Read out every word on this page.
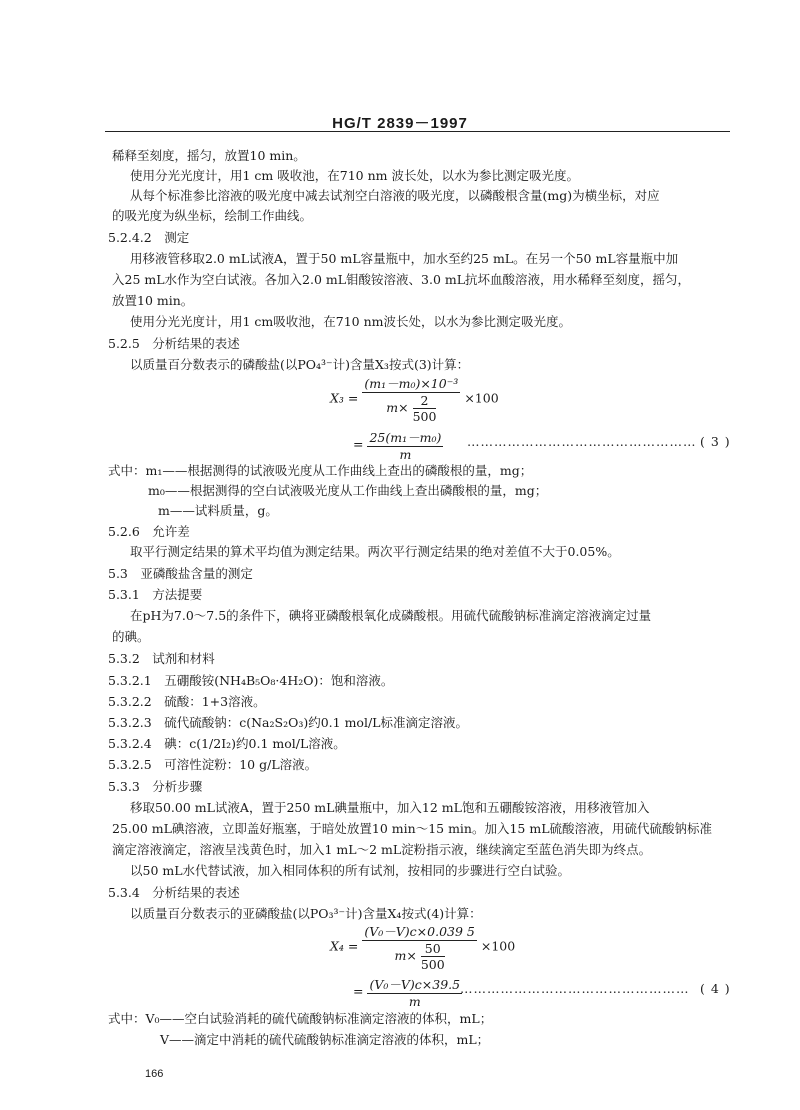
HG/T 2839－1997
稀释至刻度，摇匀，放置10 min。
使用分光光度计，用1 cm 吸收池，在710 nm 波长处，以水为参比测定吸光度。
从每个标准参比溶液的吸光度中减去试剂空白溶液的吸光度，以磷酸根含量(mg)为横坐标，对应
的吸光度为纵坐标，绘制工作曲线。
5.2.4.2　测定
用移液管移取2.0 mL试液A，置于50 mL容量瓶中，加水至约25 mL。在另一个50 mL容量瓶中加
入25 mL水作为空白试液。各加入2.0 mL钼酸铵溶液、3.0 mL抗坏血酸溶液，用水稀释至刻度，摇匀，
放置10 min。
使用分光光度计，用1 cm吸收池，在710 nm波长处，以水为参比测定吸光度。
5.2.5　分析结果的表述
以质量百分数表示的磷酸盐(以PO₄³⁻计)含量X₃按式(3)计算：
$X_3 = \frac{\text{(m₁－m₀)×10⁻³}}{m\times \frac{2}{500}} \times 100$
= $\frac{\text{25(m₁－m₀)}}{m}$ …………………………………………… ( 3 )
式中：m₁——根据测得的试液吸光度从工作曲线上查出的磷酸根的量，mg；
m₀——根据测得的空白试液吸光度从工作曲线上查出磷酸根的量，mg；
m——试料质量，g。
5.2.6　允许差
取平行测定结果的算术平均值为测定结果。两次平行测定结果的绝对差值不大于0.05%。
5.3　亚磷酸盐含量的测定
5.3.1　方法提要
在pH为7.0～7.5的条件下，碘将亚磷酸根氧化成磷酸根。用硫代硫酸钠标准滴定溶液滴定过量
的碘。
5.3.2　试剂和材料
5.3.2.1　五硼酸铵(NH₄B₅O₈·4H₂O)：饱和溶液。
5.3.2.2　硫酸：1+3溶液。
5.3.2.3　硫代硫酸钠：c(Na₂S₂O₃)约0.1 mol/L标准滴定溶液。
5.3.2.4　碘：c(1/2I₂)约0.1 mol/L溶液。
5.3.2.5　可溶性淀粉：10 g/L溶液。
5.3.3　分析步骤
移取50.00 mL试液A，置于250 mL碘量瓶中，加入12 mL饱和五硼酸铵溶液，用移液管加入
25.00 mL碘溶液，立即盖好瓶塞，于暗处放置10 min～15 min。加入15 mL硫酸溶液，用硫代硫酸钠标准
滴定溶液滴定，溶液呈浅黄色时，加入1 mL～2 mL淀粉指示液，继续滴定至蓝色消失即为终点。
以50 mL水代替试液，加入相同体积的所有试剂，按相同的步骤进行空白试验。
5.3.4　分析结果的表述
以质量百分数表示的亚磷酸盐(以PO₃³⁻计)含量X₄按式(4)计算：
$X_4 = \frac{\text{(V₀－V)c×0.039 5}}{m\times \frac{50}{500}} \times 100$
= $\frac{\text{(V₀－V)c×39.5}}{m}$
…………………………………………… ( 4 )
式中：V₀——空白试验消耗的硫代硫酸钠标准滴定溶液的体积，mL；
V——滴定中消耗的硫代硫酸钠标准滴定溶液的体积，mL；
166
